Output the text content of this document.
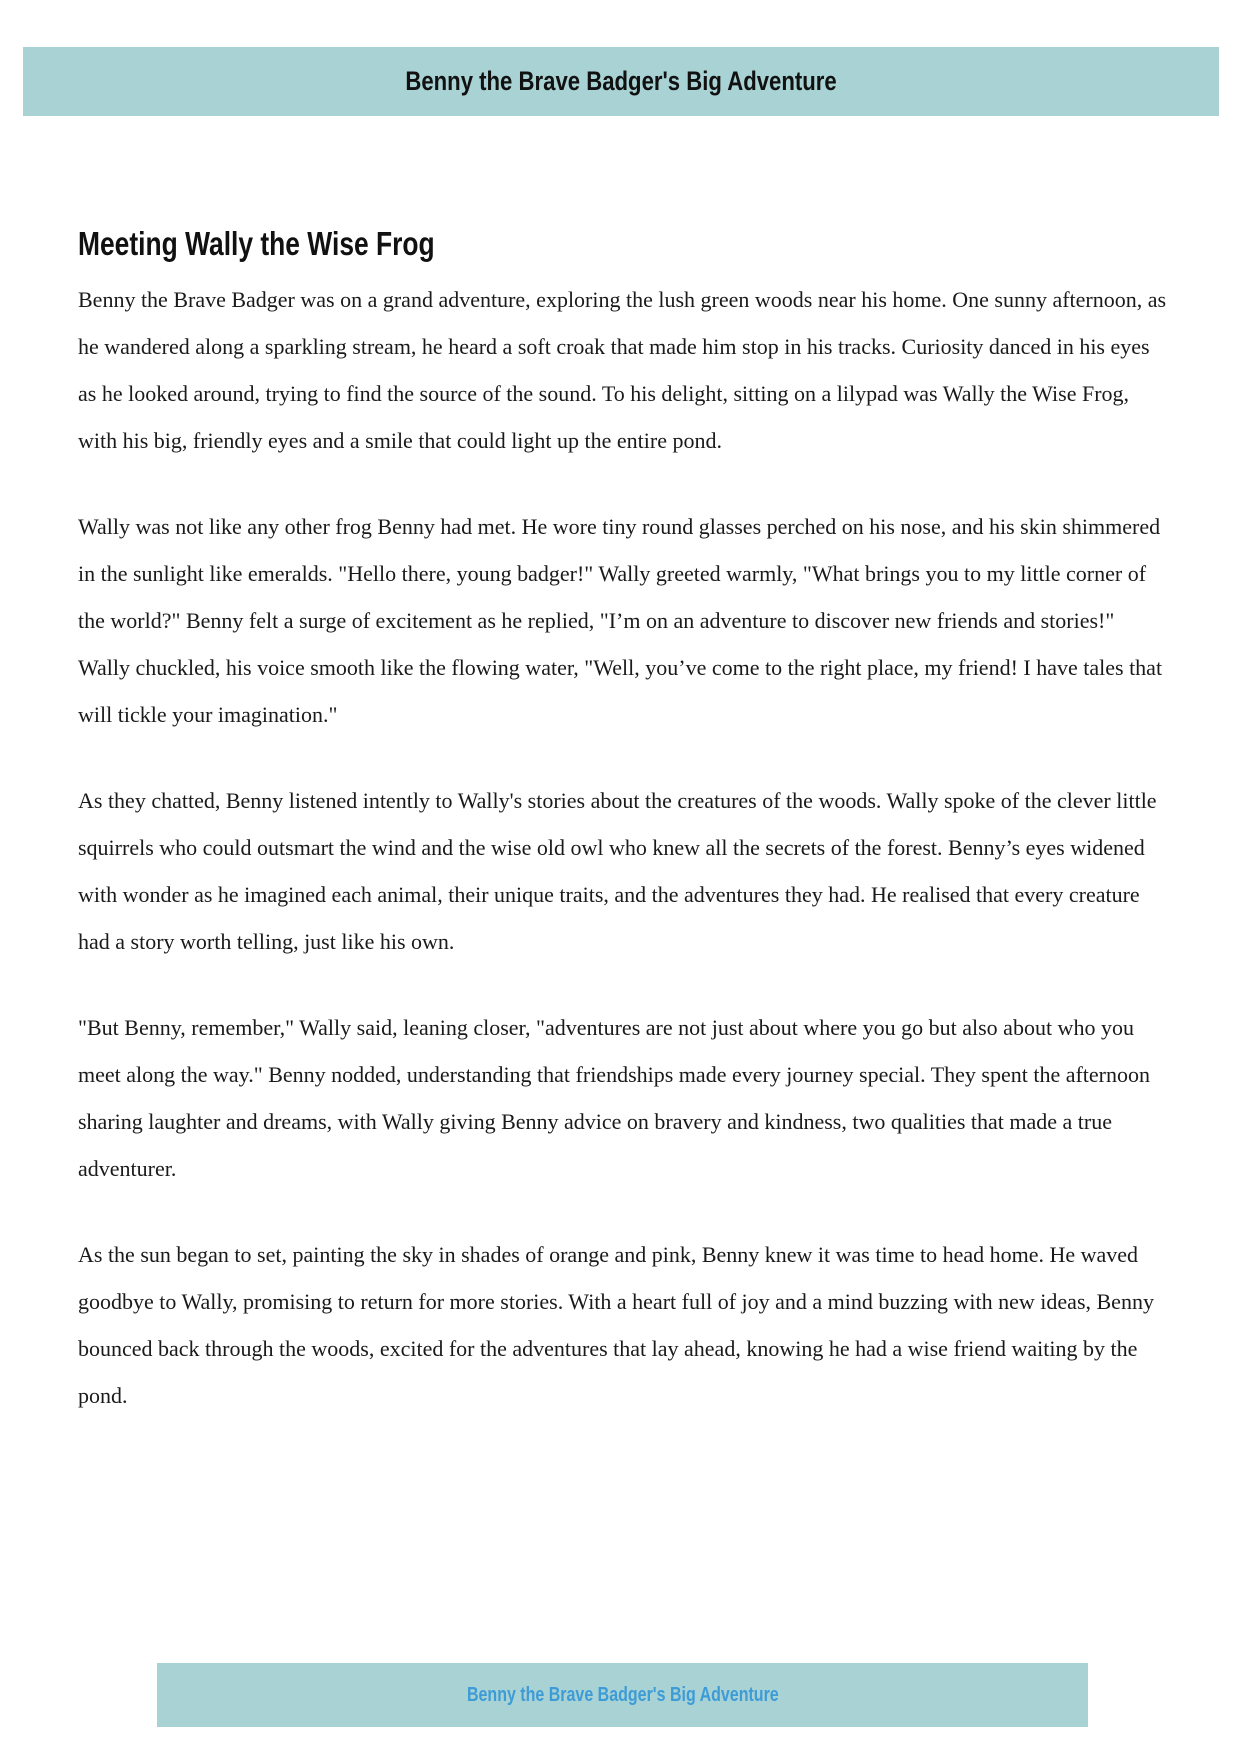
Benny the Brave Badger's Big Adventure
Meeting Wally the Wise Frog

Benny the Brave Badger was on a grand adventure, exploring the lush green woods near his home. One sunny afternoon, as he wandered along a sparkling stream, he heard a soft croak that made him stop in his tracks. Curiosity danced in his eyes as he looked around, trying to find the source of the sound. To his delight, sitting on a lilypad was Wally the Wise Frog, with his big, friendly eyes and a smile that could light up the entire pond.

Wally was not like any other frog Benny had met. He wore tiny round glasses perched on his nose, and his skin shimmered in the sunlight like emeralds. "Hello there, young badger!" Wally greeted warmly, "What brings you to my little corner of the world?" Benny felt a surge of excitement as he replied, "I’m on an adventure to discover new friends and stories!" Wally chuckled, his voice smooth like the flowing water, "Well, you’ve come to the right place, my friend! I have tales that will tickle your imagination."

As they chatted, Benny listened intently to Wally's stories about the creatures of the woods. Wally spoke of the clever little squirrels who could outsmart the wind and the wise old owl who knew all the secrets of the forest. Benny’s eyes widened with wonder as he imagined each animal, their unique traits, and the adventures they had. He realised that every creature had a story worth telling, just like his own.

"But Benny, remember," Wally said, leaning closer, "adventures are not just about where you go but also about who you meet along the way." Benny nodded, understanding that friendships made every journey special. They spent the afternoon sharing laughter and dreams, with Wally giving Benny advice on bravery and kindness, two qualities that made a true adventurer.

As the sun began to set, painting the sky in shades of orange and pink, Benny knew it was time to head home. He waved goodbye to Wally, promising to return for more stories. With a heart full of joy and a mind buzzing with new ideas, Benny bounced back through the woods, excited for the adventures that lay ahead, knowing he had a wise friend waiting by the pond.

Benny the Brave Badger's Big Adventure
